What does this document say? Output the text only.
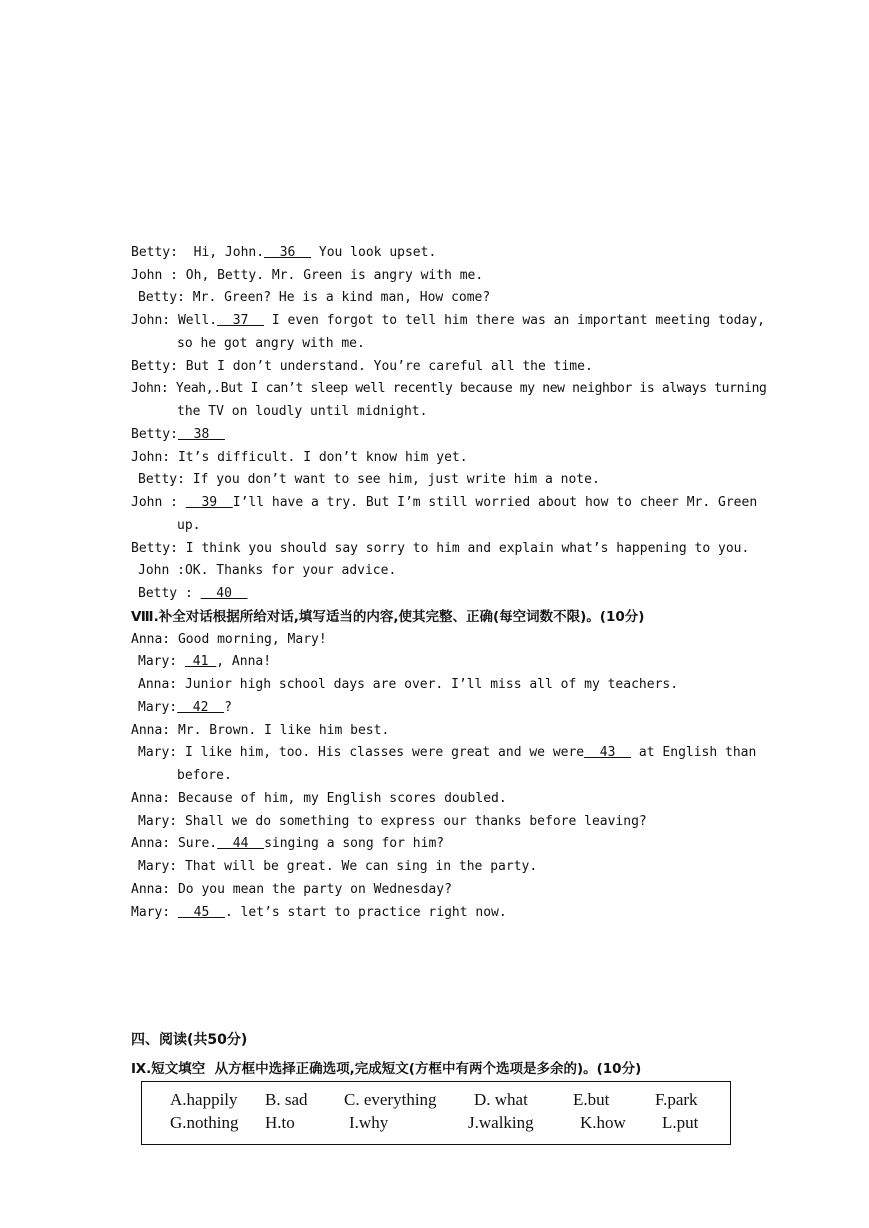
Betty:  Hi, John.  36   You look upset.
John : Oh, Betty. Mr. Green is angry with me.
Betty: Mr. Green? He is a kind man, How come?
John: Well.  37   I even forgot to tell him there was an important meeting today,
so he got angry with me.
Betty: But I don’t understand. You’re careful all the time.
John: Yeah,.But I can’t sleep well recently because my new neighbor is always turning
the TV on loudly until midnight.
Betty:  38
John: It’s difficult. I don’t know him yet.
Betty: If you don’t want to see him, just write him a note.
John :   39  I’ll have a try. But I’m still worried about how to cheer Mr. Green
up.
Betty: I think you should say sorry to him and explain what’s happening to you.
John :OK. Thanks for your advice.
Betty :   40
Ⅷ.补全对话根据所给对话,填写适当的内容,使其完整、正确(每空词数不限)。(10分)
Anna: Good morning, Mary!
Mary:  41 , Anna!
Anna: Junior high school days are over. I’ll miss all of my teachers.
Mary:  42  ?
Anna: Mr. Brown. I like him best.
Mary: I like him, too. His classes were great and we were  43   at English than
before.
Anna: Because of him, my English scores doubled.
Mary: Shall we do something to express our thanks before leaving?
Anna: Sure.  44  singing a song for him?
Mary: That will be great. We can sing in the party.
Anna: Do you mean the party on Wednesday?
Mary:   45  . let’s start to practice right now.
四、阅读(共50分)
Ⅸ.短文填空  从方框中选择正确选项,完成短文(方框中有两个选项是多余的)。(10分)
A.happily B. sad C. everything D. what	E.but	F.park
G.nothing H.to	I.why	J.walking	K.how L.put
